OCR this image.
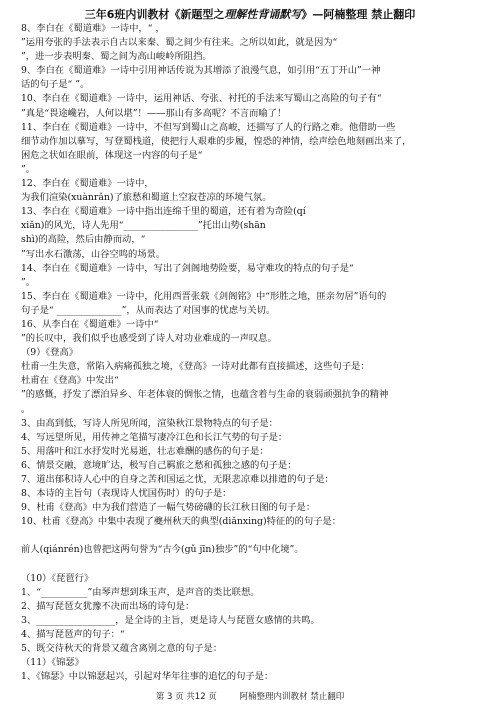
三年6班内训教材《新题型之理解性背诵默写》—阿楠整理 禁止翻印
8、李白在《蜀道难》一诗中，“ ，
”运用夸张的手法表示自古以来秦、蜀之间少有往来。之所以如此，就是因为“
”，进一步表明秦、蜀之间为高山峻岭所阻挡。
9、李白在《蜀道难》一诗中引用神话传说为其增添了浪漫气息，如引用“五丁开山”一神
话的句子是“ ”。
10、李白在《蜀道难》一诗中，运用神话、夸张、衬托的手法来写蜀山之高险的句子有“
”真是“畏途巉岩，人何以堪”！——那山有多高呢？不言而喻了！
11、李白在《蜀道难》一诗中，不但写到蜀山之高峻，还描写了人的行路之难。他借助一些
细节动作加以摹写，写登蜀栈道，使把行人艰难的步履，惶恐的神情，绘声绘色地刻画出来了，
困危之状如在眼前，体现这一内容的句子是“
”。
12、李白在《蜀道难》一诗中，
为我们渲染(xuànrǎn)了旅愁和蜀道上空寂苍凉的环境气氛。
13、李白在《蜀道难》一诗中指出连绵千里的蜀道，还有着为奇险(qí
xiǎn)的风光，诗人先用“________________”托出山势(shān
shì)的高险，然后由静而动，“
”写出水石激荡，山谷空鸣的场景。
14、李白在《蜀道难》一诗中，写出了剑阁地势险要，易守难攻的特点的句子是“
”。
15、李白在《蜀道难》一诗中，化用西晋张载《剑阁铭》中“形胜之地，匪亲勿居”语句的
句子是“ ______________”，从而表达了对国事的忧虑与关切。
16、从李白在《蜀道难》一诗中“
”的长叹中，我们似乎也感受到了诗人对功业难成的一声叹息。
（9）《登高》
杜甫一生失意，常陷入病痛孤独之境，《登高》一诗对此都有直接描述，这些句子是：
杜甫在《登高》中发出“
”的感慨，抒发了漂泊异乡、年老体衰的惆怅之情，也蕴含着与生命的衰弱顽强抗争的精神
。
3、由高到低，写诗人所见所闻，渲染秋江景物特点的句子是：
4、写远望所见，用传神之笔描写凄冷江色和长江气势的句子是：
5、用落叶和江水抒发时光易逝，壮志难酬的感伤的句子是：
6、情景交融，意境旷达，极写自己羁旅之愁和孤独之感的句子是：
7、道出郁积诗人心中的自身之苦和国运之忧，无限悲凉难以排遣的句子是：
8、本诗的主旨句（表现诗人忧国伤时）的句子是：
9、杜甫《登高》中为我们营造了一幅气势磅礴的长江秋日图的句子是：
10、杜甫《登高》中集中表现了夔州秋天的典型(diǎnxing)特征的的句子是：
前人(qiánrén)也曾把这两句誉为“古今(gǔ jīn)独步”的“句中化境”。
（10）《琵琶行》
1、“__________”由琴声想到珠玉声，是声音的类比联想。
2、描写琵琶女犹豫不决而出场的诗句是：
3、_________________，是全诗的主旨，更是诗人与琵琶女感情的共鸣。
4、描写琵琶声的句子：“
5、既交待秋天的背景又蕴含离别之意的句子是：
（11）《锦瑟》
1、《锦瑟》中以锦瑟起兴，引起对华年往事的追忆的句子是：
第 3 页 共12 页	阿楠整理内训教材 禁止翻印
